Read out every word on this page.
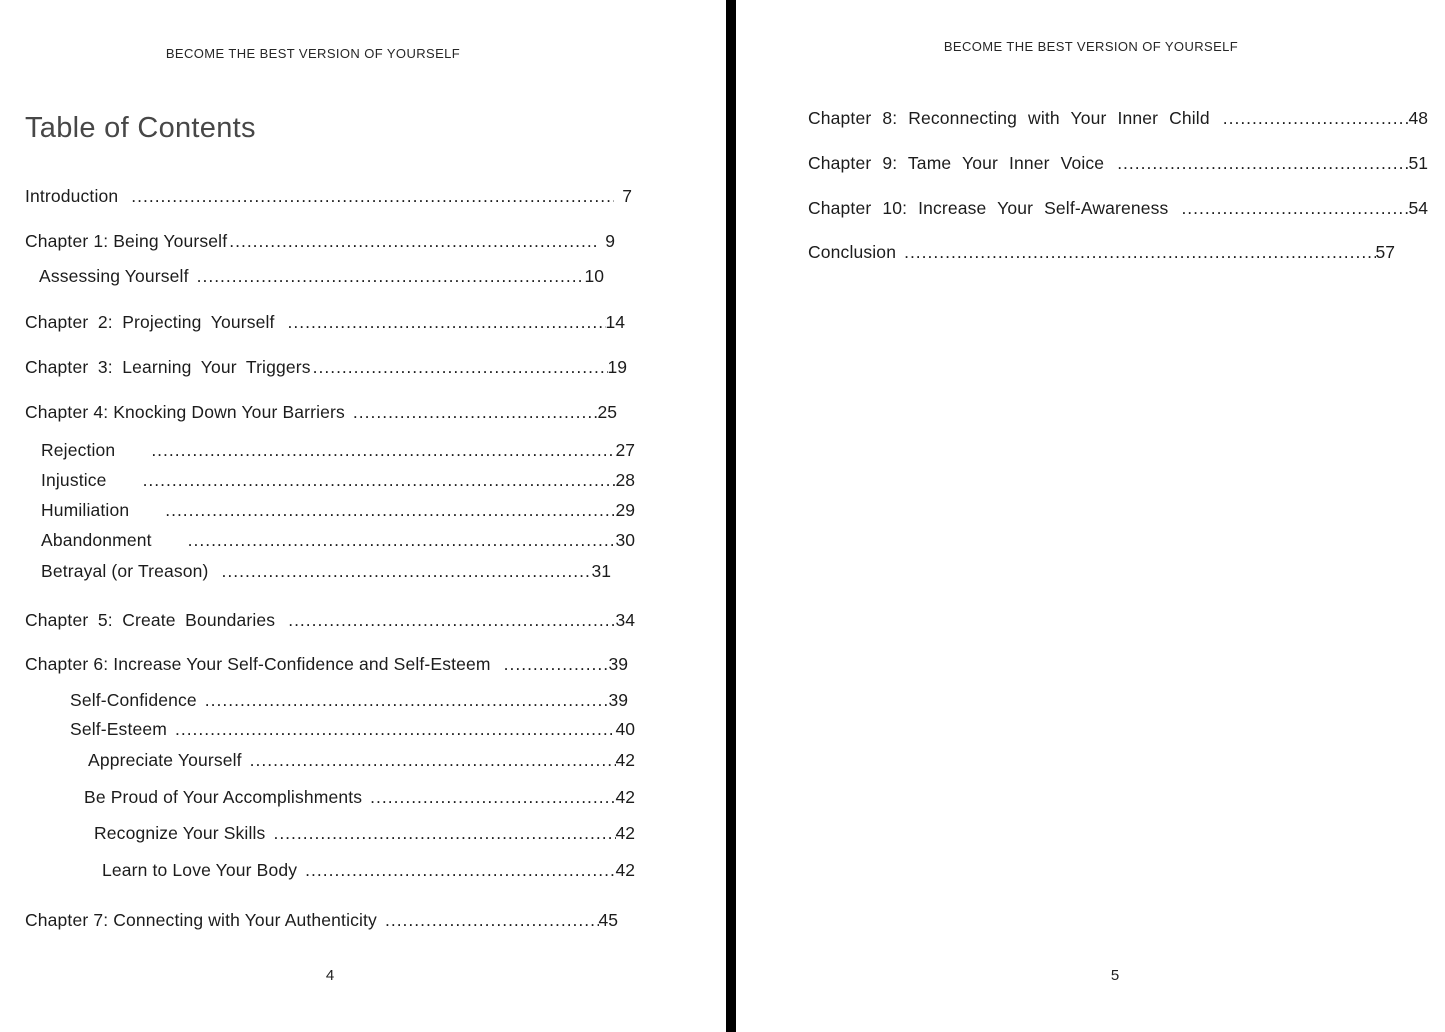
BECOME THE BEST VERSION OF YOURSELF
Table of Contents
Introduction .....	7
Chapter 1: Being Yourself .....	9
Assessing Yourself .....	10
Chapter 2: Projecting Yourself .....	14
Chapter 3: Learning Your Triggers .....	19
Chapter 4: Knocking Down Your Barriers .....	25
Rejection .....	27
Injustice .....	28
Humiliation .....	29
Abandonment .....	30
Betrayal (or Treason) .....	31
Chapter 5: Create Boundaries .....	34
Chapter 6: Increase Your Self-Confidence and Self-Esteem .....	39
Self-Confidence .....	39
Self-Esteem .....	40
Appreciate Yourself .....	42
Be Proud of Your Accomplishments .....	42
Recognize Your Skills .....	42
Learn to Love Your Body .....	42
Chapter 7: Connecting with Your Authenticity .....	45
4
BECOME THE BEST VERSION OF YOURSELF
Chapter 8: Reconnecting with Your Inner Child .....	48
Chapter 9: Tame Your Inner Voice .....	51
Chapter 10: Increase Your Self-Awareness .....	54
Conclusion .....	57
5
